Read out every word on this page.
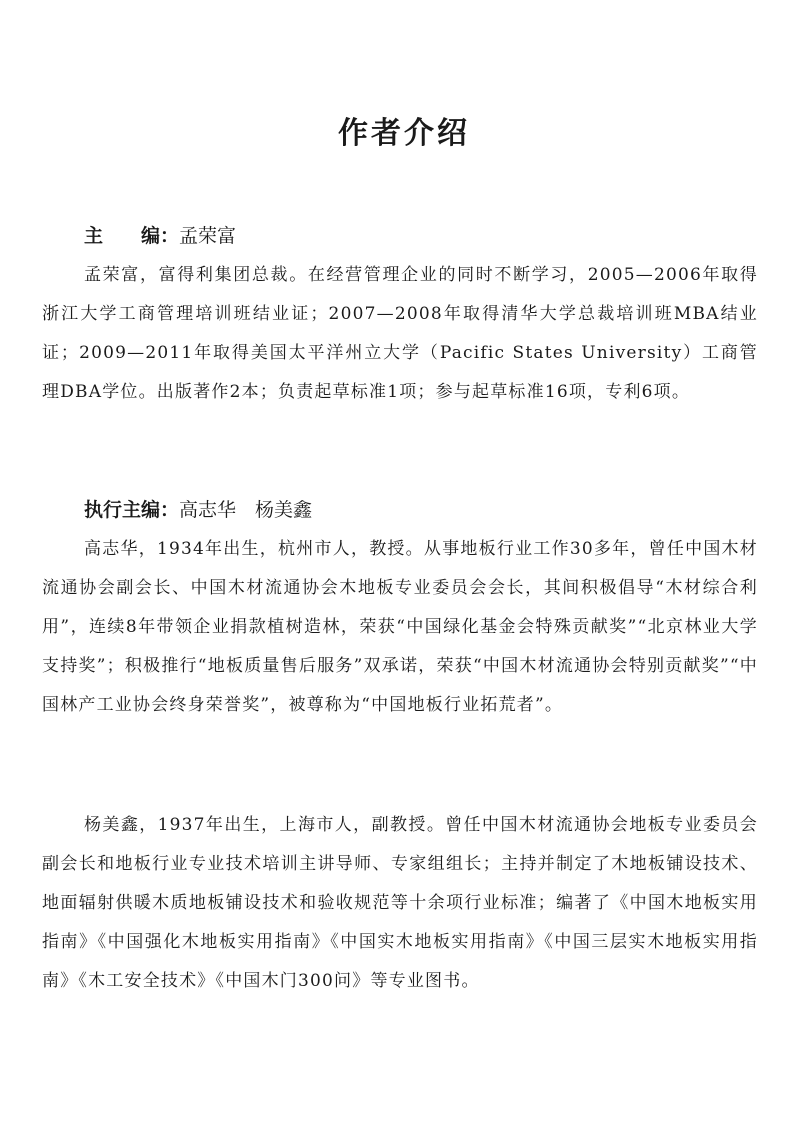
作者介绍

主　　编：孟荣富

孟荣富，富得利集团总裁。在经营管理企业的同时不断学习，2005—2006年取得浙江大学工商管理培训班结业证；2007—2008年取得清华大学总裁培训班MBA结业证；2009—2011年取得美国太平洋州立大学（Pacific States University）工商管理DBA学位。出版著作2本；负责起草标准1项；参与起草标准16项，专利6项。

执行主编：高志华　杨美鑫

高志华，1934年出生，杭州市人，教授。从事地板行业工作30多年，曾任中国木材流通协会副会长、中国木材流通协会木地板专业委员会会长，其间积极倡导“木材综合利用”，连续8年带领企业捐款植树造林，荣获“中国绿化基金会特殊贡献奖”“北京林业大学支持奖”；积极推行“地板质量售后服务”双承诺，荣获“中国木材流通协会特别贡献奖”“中国林产工业协会终身荣誉奖”，被尊称为“中国地板行业拓荒者”。

杨美鑫，1937年出生，上海市人，副教授。曾任中国木材流通协会地板专业委员会副会长和地板行业专业技术培训主讲导师、专家组组长；主持并制定了木地板铺设技术、地面辐射供暖木质地板铺设技术和验收规范等十余项行业标准；编著了《中国木地板实用指南》《中国强化木地板实用指南》《中国实木地板实用指南》《中国三层实木地板实用指南》《木工安全技术》《中国木门300问》等专业图书。
